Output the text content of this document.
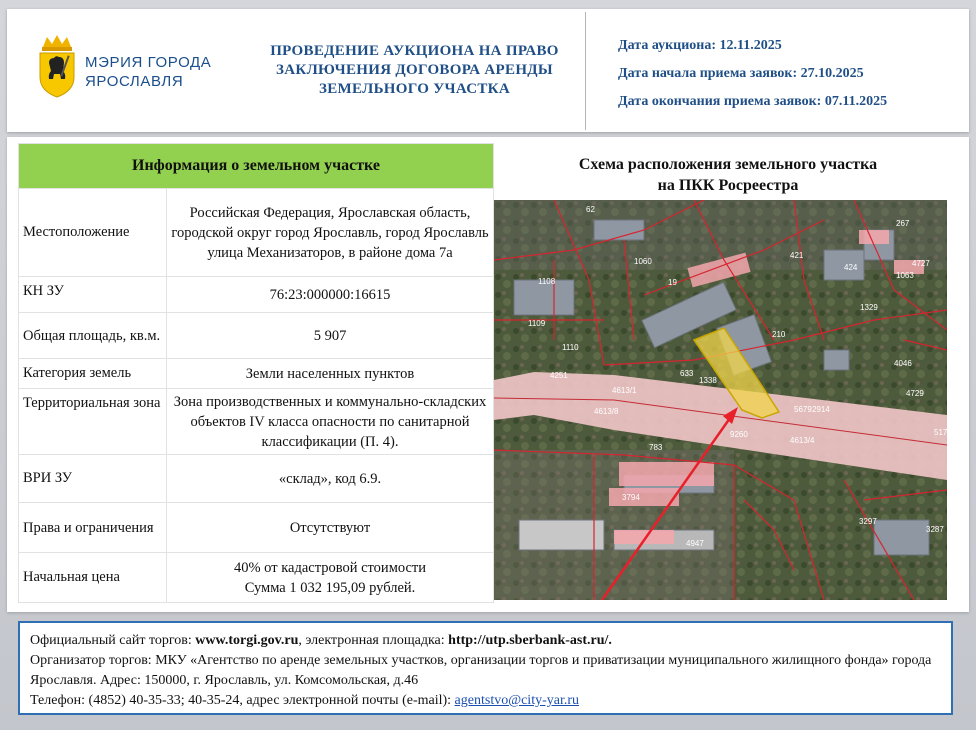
МЭРИЯ ГОРОДА
ЯРОСЛАВЛЯ
ПРОВЕДЕНИЕ АУКЦИОНА НА ПРАВО
ЗАКЛЮЧЕНИЯ ДОГОВОРА АРЕНДЫ
ЗЕМЕЛЬНОГО УЧАСТКА
Дата аукциона: 12.11.2025
Дата начала приема заявок: 27.10.2025
Дата окончания приема заявок: 07.11.2025
Информация о земельном участке	
Местоположение	Российская Федерация, Ярославская область, городской округ город Ярославль, город Ярославль улица Механизаторов, в районе дома 7а
КН ЗУ	76:23:000000:16615
Общая площадь, кв.м.	5 907
Категория земель	Земли населенных пунктов
Территориальная зона	Зона производственных и коммунально-складских объектов IV класса опасности по санитарной классификации (П. 4).
ВРИ ЗУ	«склад», код 6.9.
Права и ограничения	Отсутствуют
Начальная цена	40% от кадастровой стоимости
Сумма 1 032 195,09 рублей.
Схема расположения земельного участка
на ПКК Росреестра
62
1060
421
267
4727
1108
1063
1109
1110
19
210
4046
4729
4251
4613/1
4613/8
9260
4613/4
517
783
3794
3297
3287
4947
2914
1329
424
633
1338
5679
Официальный сайт торгов: www.torgi.gov.ru, электронная площадка: http://utp.sberbank-ast.ru/.
Организатор торгов: МКУ «Агентство по аренде земельных участков, организации торгов и приватизации муниципального жилищного фонда» города Ярославля. Адрес: 150000, г. Ярославль, ул. Комсомольская, д.46
Телефон: (4852) 40-35-33; 40-35-24, адрес электронной почты (e-mail): agentstvo@city-yar.ru
